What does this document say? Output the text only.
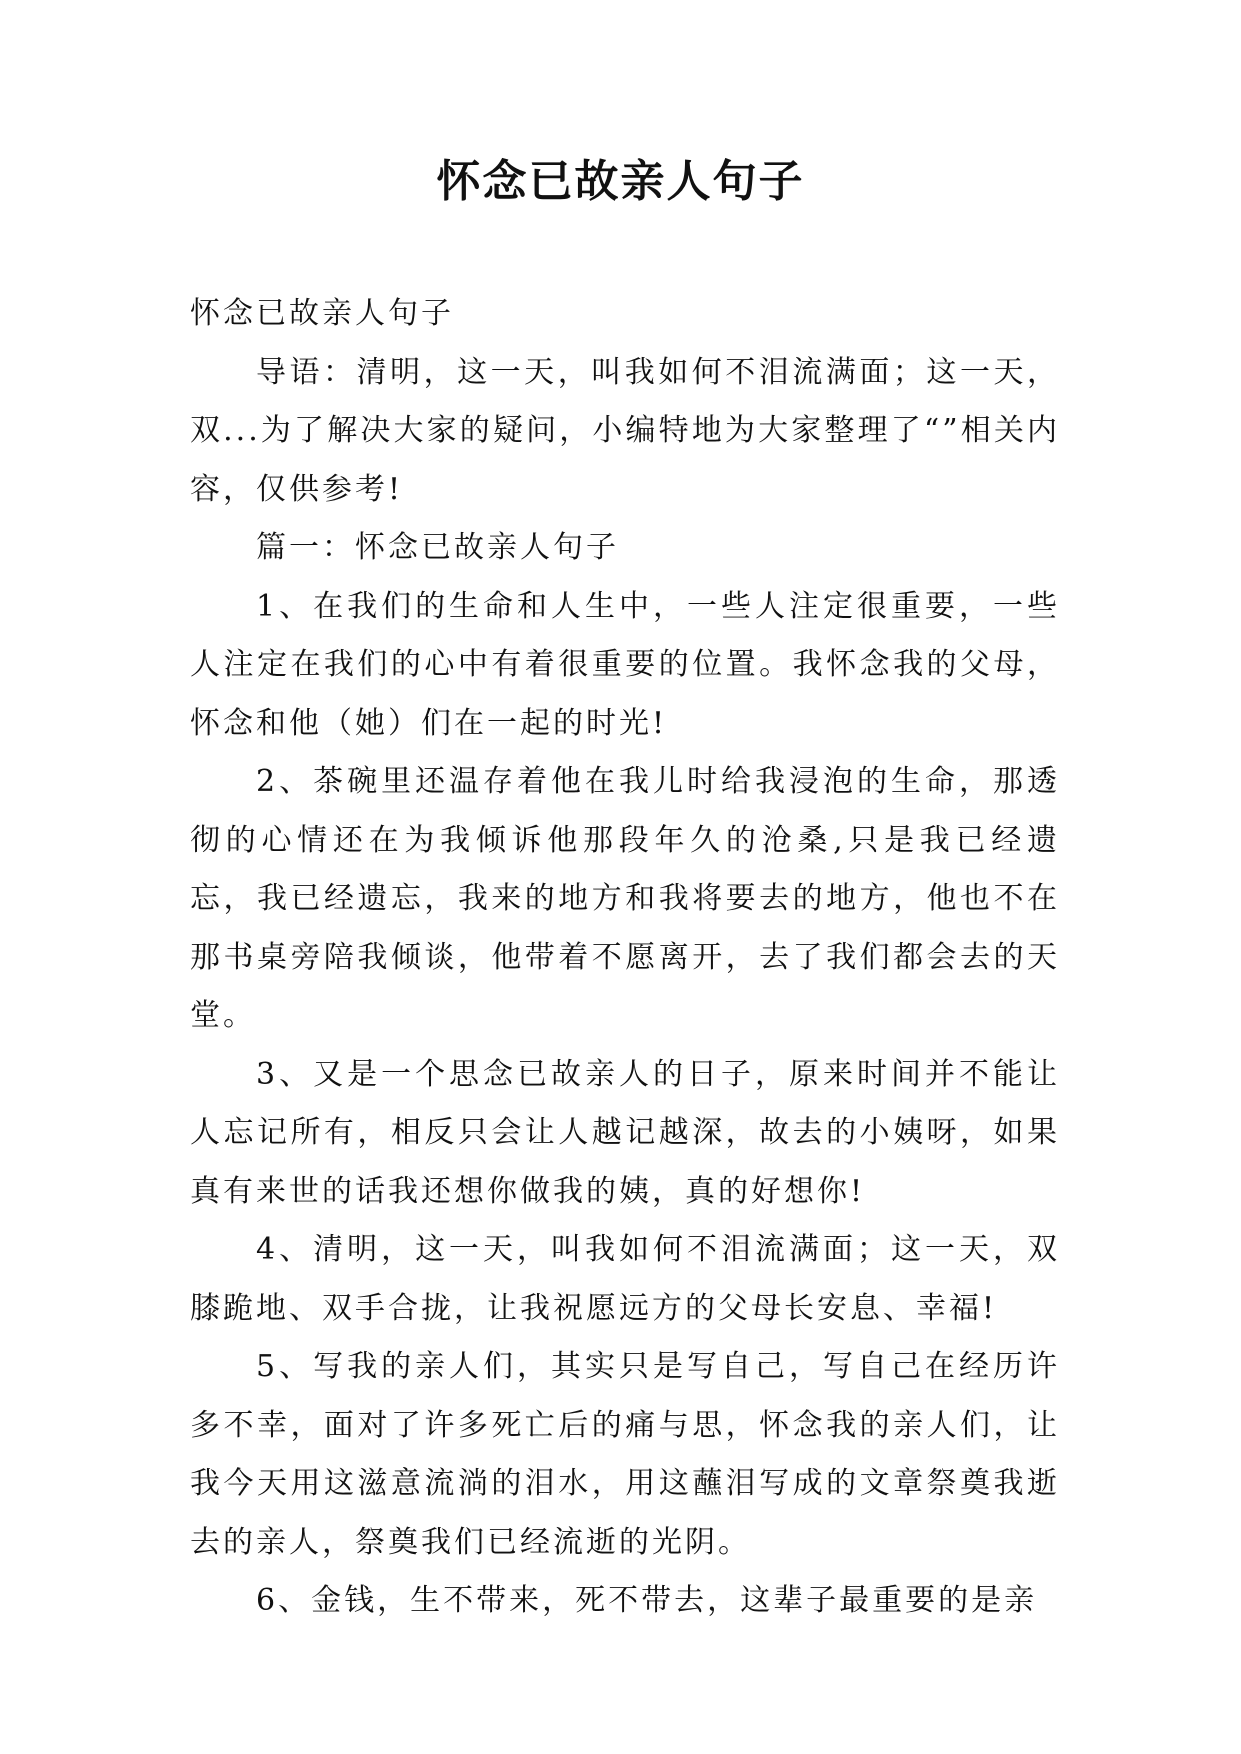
怀念已故亲人句子

怀念已故亲人句子

导语：清明，这一天，叫我如何不泪流满面；这一天，双...为了解决大家的疑问，小编特地为大家整理了“”相关内容，仅供参考!

篇一：怀念已故亲人句子

1、在我们的生命和人生中，一些人注定很重要，一些人注定在我们的心中有着很重要的位置。我怀念我的父母，怀念和他（她）们在一起的时光!

2、茶碗里还温存着他在我儿时给我浸泡的生命，那透彻的心情还在为我倾诉他那段年久的沧桑,只是我已经遗忘，我已经遗忘，我来的地方和我将要去的地方，他也不在那书桌旁陪我倾谈，他带着不愿离开，去了我们都会去的天堂。

3、又是一个思念已故亲人的日子，原来时间并不能让人忘记所有，相反只会让人越记越深，故去的小姨呀，如果真有来世的话我还想你做我的姨，真的好想你!

4、清明，这一天，叫我如何不泪流满面；这一天，双膝跪地、双手合拢，让我祝愿远方的父母长安息、幸福!

5、写我的亲人们，其实只是写自己，写自己在经历许多不幸，面对了许多死亡后的痛与思，怀念我的亲人们，让我今天用这滋意流淌的泪水，用这蘸泪写成的文章祭奠我逝去的亲人，祭奠我们已经流逝的光阴。

6、金钱，生不带来，死不带去，这辈子最重要的是亲
